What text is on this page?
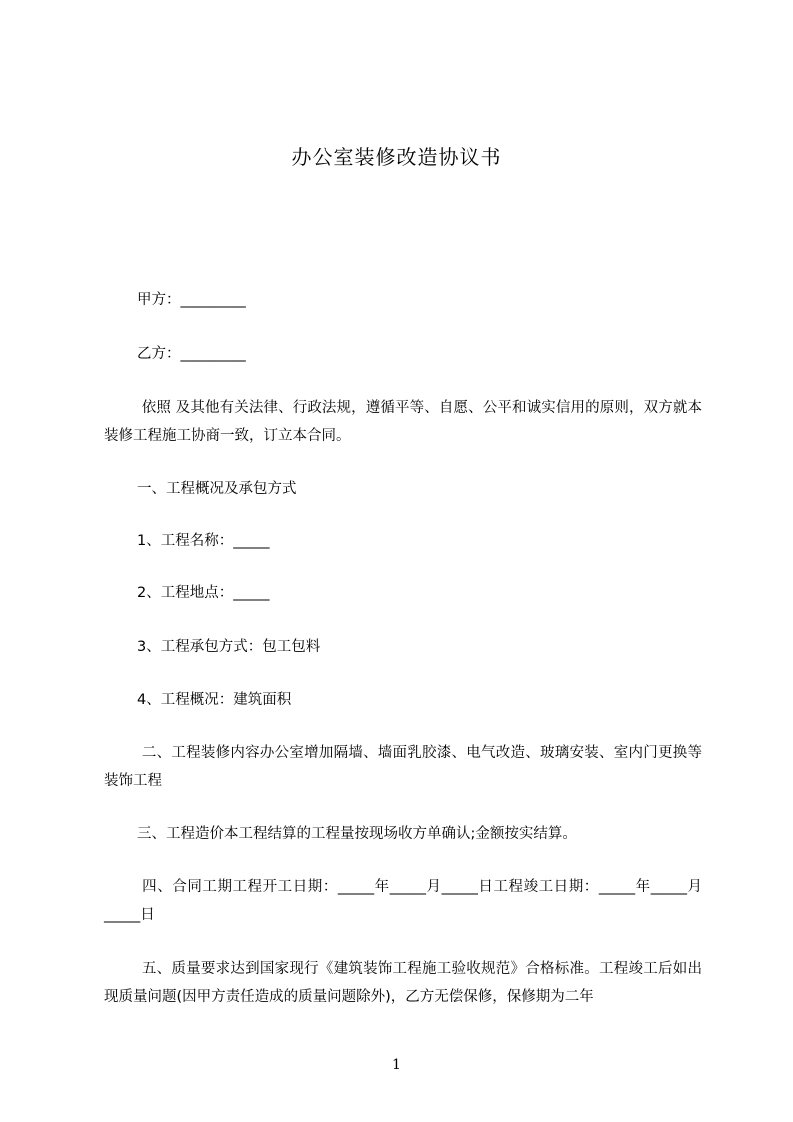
办公室装修改造协议书
甲方：_________
乙方：_________
依照 及其他有关法律、行政法规，遵循平等、自愿、公平和诚实信用的原则，双方就本装修工程施工协商一致，订立本合同。
一、工程概况及承包方式
1、工程名称：_____
2、工程地点：_____
3、工程承包方式：包工包料
4、工程概况：建筑面积
二、工程装修内容办公室增加隔墙、墙面乳胶漆、电气改造、玻璃安装、室内门更换等装饰工程
三、工程造价本工程结算的工程量按现场收方单确认;金额按实结算。
四、合同工期工程开工日期：_____年_____月_____日工程竣工日期：_____年_____月_____日
五、质量要求达到国家现行《建筑装饰工程施工验收规范》合格标准。工程竣工后如出现质量问题(因甲方责任造成的质量问题除外)，乙方无偿保修，保修期为二年
1
